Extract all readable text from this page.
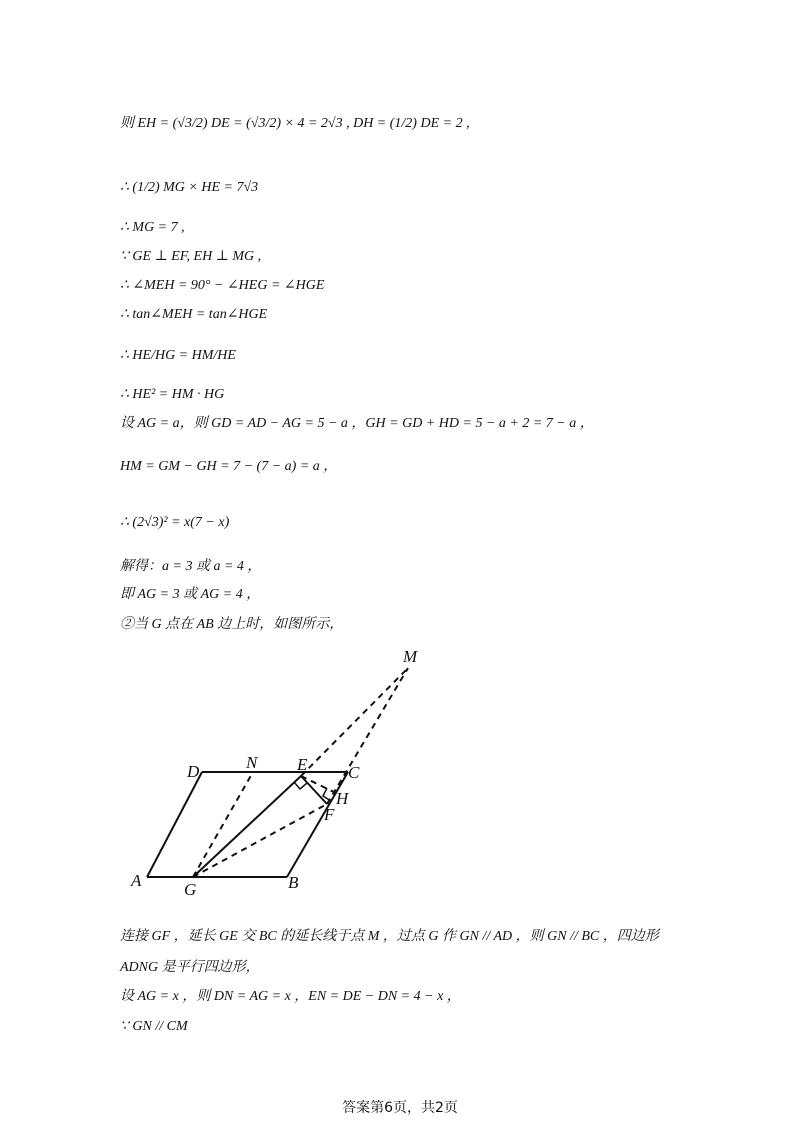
则 EH = (√3/2) DE = (√3/2) × 4 = 2√3 , DH = (1/2) DE = 2 ,
∴ (1/2) MG × HE = 7√3
∴ MG = 7 ,
∵ GE ⊥ EF, EH ⊥ MG ,
∴ ∠MEH = 90° − ∠HEG = ∠HGE
∴ tan∠MEH = tan∠HGE
∴ HE/HG = HM/HE
∴ HE² = HM · HG
设 AG = a，则 GD = AD − AG = 5 − a ，GH = GD + HD = 5 − a + 2 = 7 − a ，
HM = GM − GH = 7 − (7 − a) = a ，
∴ (2√3)² = x(7 − x)
解得：a = 3 或 a = 4 ，
即 AG = 3 或 AG = 4 ，
②当 G 点在 AB 边上时，如图所示，
M
D	N E C
H
F
A	G	B
连接 GF ，延长 GE 交 BC 的延长线于点 M ，过点 G 作 GN // AD ，则 GN // BC ，四边形
ADNG 是平行四边形，
设 AG = x ，则 DN = AG = x ，EN = DE − DN = 4 − x ，
∵ GN // CM
答案第6页，共2页
